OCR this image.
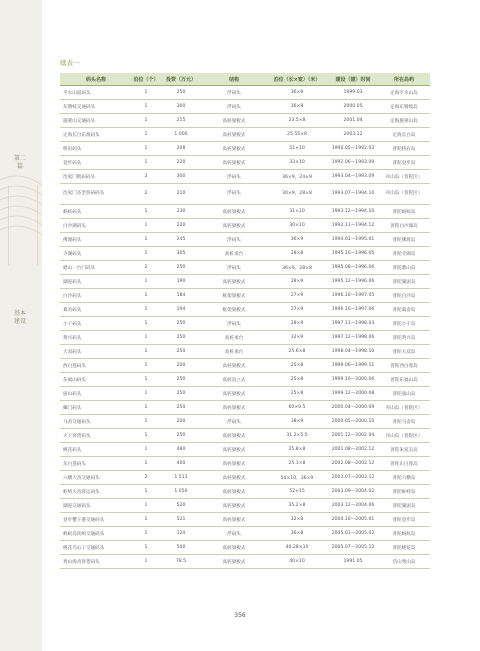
第二篇
基本建设
续表一
码头名称	泊位（个）	投资（万元）	结构	泊位（长×宽）（米）	建设（建）时间	所在岛屿
平水山道码头	1	250	浮码头	36×9	1999.03	定海平水山岛
东簪岐交通码头	1	300	浮码头	36×8	2000.05	定海东簪岐岛
施蒙山交通码头	1	215	高桩梁板式	23.5×8	2001.04	定海施蒙山岛
定海长白东渡码头	1	1 000	高桩梁板式	25.55×8	2003.12	定海长白岛
桥岩码头	1	208	高桩梁板式	51×10	1990.05—1992.03	普陀桥岩岛
登步码头	1	220	高桩梁板式	33×10	1992.06—1993.09	普陀登步岛
沈家门航码码头	2	300	浮码头	36×9，24×9	1993.04—1993.09	舟山岛（普陀区）
沈家门圣奎客码码头	2	210	浮码头	30×9，28×8	1993.07—1994.10	舟山岛（普陀区）
蚂蚁码头	1	230	高桩梁板式	31×10	1993.12—1994.10	普陀蚂蚁岛
白沙湖码头	1	220	高桩梁板式	30×10	1992.11—1994.12	普陀白沙湖岛
佛渡码头	1	245	浮码头	36×9	1994.01—1995.01	普陀佛渡岛
寺湖码头	1	305	高桩承台	28×8	1995.10—1996.05	普陀寺湖岛
鼎山一台门码头	2	250	浮码头	36×9，28×8	1995.08—1996.06	普陀鼎山岛
湖泥码头	1	190	高桩梁板式	28×9	1995.12—1996.06	普陀湖泥岛
白沙码头	1	184	框架梁板式	27×9	1996.10—1997.05	普陀白沙岛
葛岙码头	1	194	框架梁板式	27×9	1996.10—1997.06	普陀葛岙岛
小干码头	1	250	浮码头	28×9	1997.11—1998.03	普陀小干岛
黄兴码头	1	250	高桩承台	32×9	1997.12—1998.06	普陀黄兴岛
大双码头	1	250	高桩承台	25.6×8	1998.04—1998.10	普陀大双岛
西白莲码头	1	200	高桩梁板式	25×8	1999.06—1999.11	普陀西白莲岛
东福山码头	1	250	高桩直立式	25×8	1999.10—2000.06	普陀东福山岛
庙山码头	1	250	高桩梁板式	25×8	1999.12—2000.08	普陀庙山岛
螺门码头	1	250	高桩梁板式	60×9.5	2000.04—2000.09	舟山岛（普陀区）
马岙交通码头	1	200	浮码头	38×9	2000.05—2000.10	普陀马岙岛
大干客货码头	1	250	高桩梁板式	31.2×5.5	2001.12—2002.04	舟山岛（普陀区）
桃花码头	1	480	高桩梁板式	25.8×8	2001.08—2002.12	普陀朱家尖岛
东白莲码头	1	400	高桩梁板式	25.1×8	2002.08—2002.12	普陀东白莲岛
六横大岙交通码头	2	1 511	高桩梁板式	54×10，36×9	2003.07—2003.12	普陀六横岛
虾峙大岙客运码头	1	1 050	高桩梁板式	52×15	2003.09—2004.02	普陀虾峙岛
湖泥交通码头	1	520	高桩梁板式	35.2×8	2003.12—2004.06	普陀湖泥岛
登步蟹子港交通码头	1	521	高桩梁板式	32×8	2004.10—2005.01	普陀登步岛
蚂蚁岛侠蚂交通码头	1	120	浮码头	36×8	2005.01—2005.02	普陀蚂蚁岛
桃花乌石子交通码头	1	500	高桩梁板式	40.28×10	2005.07—2005.12	普陀桃花岛
秀山海岙客货码头	1	78.5	高桩梁板式	40×10	1991.05	岱山秀山岛
356
